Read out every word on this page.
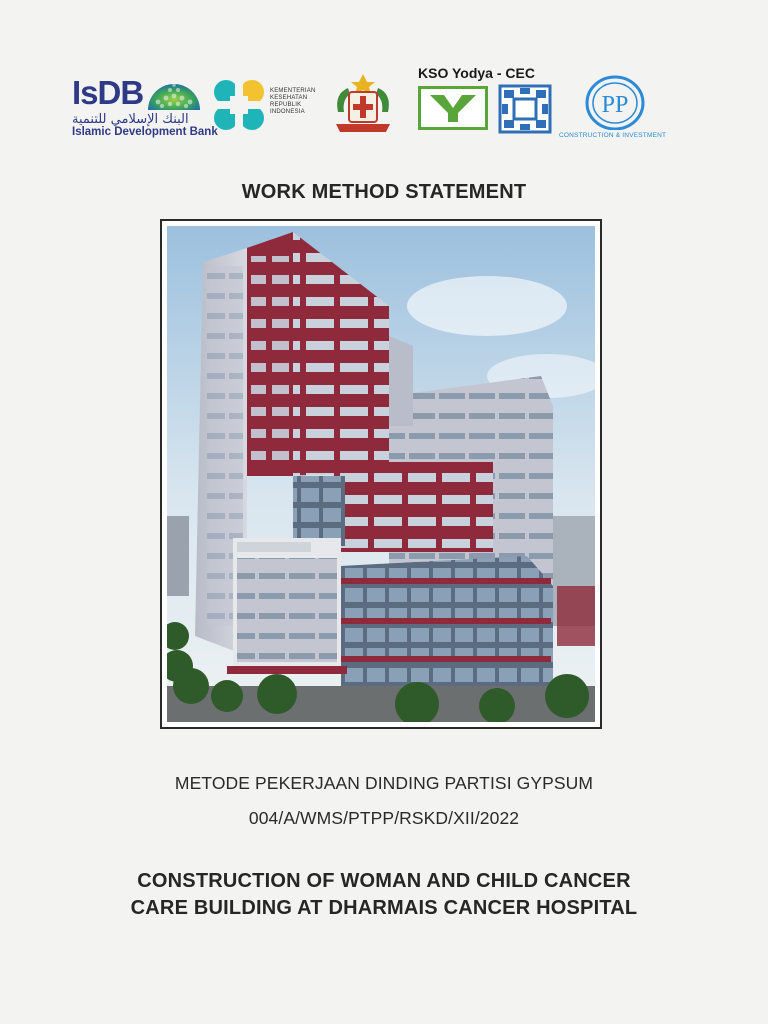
IsDB
البنك الإسلامي للتنمية
Islamic Development Bank
KEMENTERIAN
KESEHATAN
REPUBLIK
INDONESIA
KSO Yodya - CEC
PP
CONSTRUCTION & INVESTMENT
WORK METHOD STATEMENT
METODE PEKERJAAN DINDING PARTISI GYPSUM
004/A/WMS/PTPP/RSKD/XII/2022
CONSTRUCTION OF WOMAN AND CHILD CANCER
CARE BUILDING AT DHARMAIS CANCER HOSPITAL
